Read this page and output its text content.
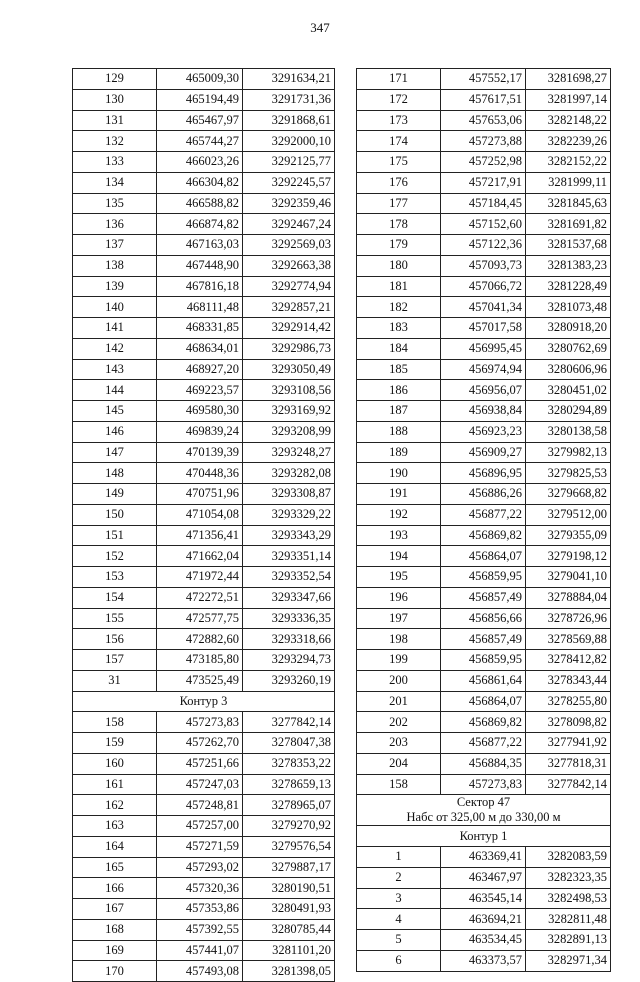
347
129	465009,30	3291634,21
130	465194,49	3291731,36
131	465467,97	3291868,61
132	465744,27	3292000,10
133	466023,26	3292125,77
134	466304,82	3292245,57
135	466588,82	3292359,46
136	466874,82	3292467,24
137	467163,03	3292569,03
138	467448,90	3292663,38
139	467816,18	3292774,94
140	468111,48	3292857,21
141	468331,85	3292914,42
142	468634,01	3292986,73
143	468927,20	3293050,49
144	469223,57	3293108,56
145	469580,30	3293169,92
146	469839,24	3293208,99
147	470139,39	3293248,27
148	470448,36	3293282,08
149	470751,96	3293308,87
150	471054,08	3293329,22
151	471356,41	3293343,29
152	471662,04	3293351,14
153	471972,44	3293352,54
154	472272,51	3293347,66
155	472577,75	3293336,35
156	472882,60	3293318,66
157	473185,80	3293294,73
31	473525,49	3293260,19
Контур 3		
158	457273,83	3277842,14
159	457262,70	3278047,38
160	457251,66	3278353,22
161	457247,03	3278659,13
162	457248,81	3278965,07
163	457257,00	3279270,92
164	457271,59	3279576,54
165	457293,02	3279887,17
166	457320,36	3280190,51
167	457353,86	3280491,93
168	457392,55	3280785,44
169	457441,07	3281101,20
170	457493,08	3281398,05
171	457552,17	3281698,27
172	457617,51	3281997,14
173	457653,06	3282148,22
174	457273,88	3282239,26
175	457252,98	3282152,22
176	457217,91	3281999,11
177	457184,45	3281845,63
178	457152,60	3281691,82
179	457122,36	3281537,68
180	457093,73	3281383,23
181	457066,72	3281228,49
182	457041,34	3281073,48
183	457017,58	3280918,20
184	456995,45	3280762,69
185	456974,94	3280606,96
186	456956,07	3280451,02
187	456938,84	3280294,89
188	456923,23	3280138,58
189	456909,27	3279982,13
190	456896,95	3279825,53
191	456886,26	3279668,82
192	456877,22	3279512,00
193	456869,82	3279355,09
194	456864,07	3279198,12
195	456859,95	3279041,10
196	456857,49	3278884,04
197	456856,66	3278726,96
198	456857,49	3278569,88
199	456859,95	3278412,82
200	456861,64	3278343,44
201	456864,07	3278255,80
202	456869,82	3278098,82
203	456877,22	3277941,92
204	456884,35	3277818,31
158	457273,83	3277842,14

Сектор 47
Набс от 325,00 м до 330,00 м		

Контур 1		
1	463369,41	3282083,59
2	463467,97	3282323,35
3	463545,14	3282498,53
4	463694,21	3282811,48
5	463534,45	3282891,13
6	463373,57	3282971,34
